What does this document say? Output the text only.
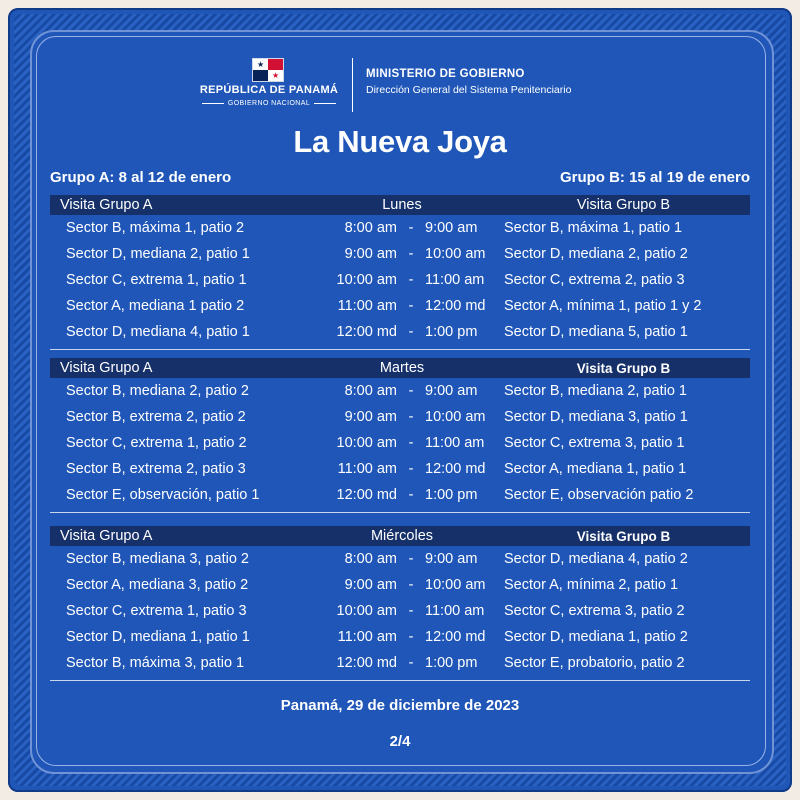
★
★
REPÚBLICA DE PANAMÁ
GOBIERNO NACIONAL
MINISTERIO DE GOBIERNO
Dirección General del Sistema Penitenciario
La Nueva Joya
Grupo A: 8 al 12 de enero	Grupo B: 15 al 19 de enero
Visita Grupo A	Lunes	Visita Grupo B
Sector B, máxima 1, patio 2	8:00 am - 9:00 am	Sector B, máxima 1, patio 1
Sector D, mediana 2, patio 1	9:00 am - 10:00 am	Sector D, mediana 2, patio 2
Sector C, extrema 1, patio 1	10:00 am - 11:00 am	Sector C, extrema 2, patio 3
Sector A, mediana 1 patio 2	11:00 am - 12:00 md	Sector A, mínima 1, patio 1 y 2
Sector D, mediana 4, patio 1	12:00 md - 1:00 pm	Sector D, mediana 5, patio 1
Visita Grupo A	Martes	Visita Grupo B
Sector B, mediana 2, patio 2	8:00 am - 9:00 am	Sector B, mediana 2, patio 1
Sector B, extrema 2, patio 2	9:00 am - 10:00 am	Sector D, mediana 3, patio 1
Sector C, extrema 1, patio 2	10:00 am - 11:00 am	Sector C, extrema 3, patio 1
Sector B, extrema 2, patio 3	11:00 am - 12:00 md	Sector A, mediana 1, patio 1
Sector E, observación, patio 1	12:00 md - 1:00 pm	Sector E, observación patio 2
Visita Grupo A	Miércoles	Visita Grupo B
Sector B, mediana 3, patio 2	8:00 am - 9:00 am	Sector D, mediana 4, patio 2
Sector A, mediana 3, patio 2	9:00 am - 10:00 am	Sector A, mínima 2, patio 1
Sector C, extrema 1, patio 3	10:00 am - 11:00 am	Sector C, extrema 3, patio 2
Sector D, mediana 1, patio 1	11:00 am - 12:00 md	Sector D, mediana 1, patio 2
Sector B, máxima 3, patio 1	12:00 md - 1:00 pm	Sector E, probatorio, patio 2
Panamá, 29 de diciembre de 2023
2/4
